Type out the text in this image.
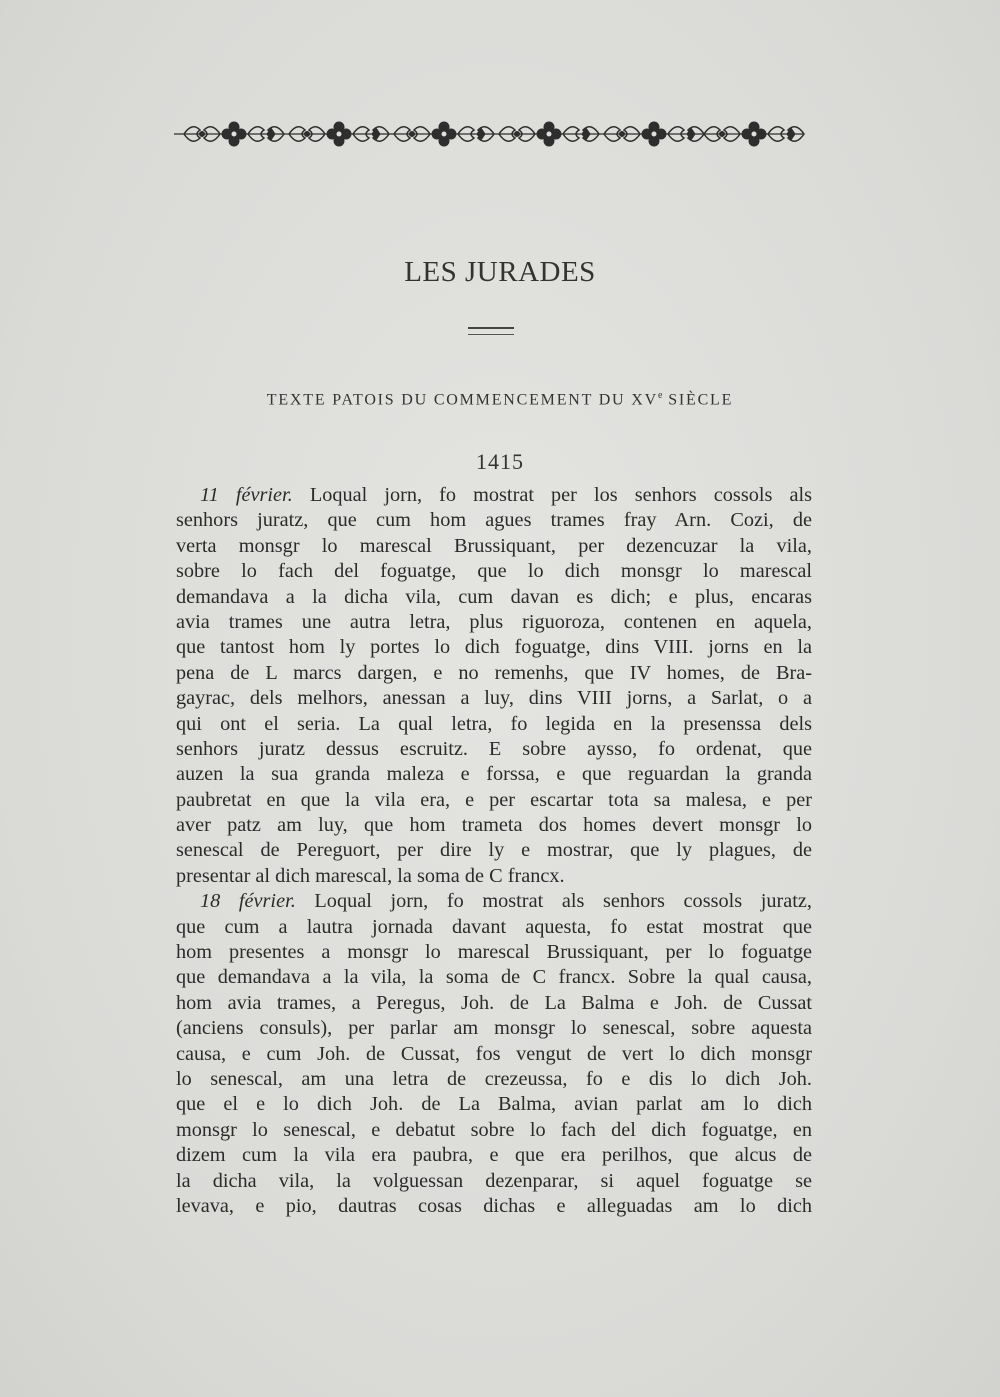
LES JURADES
TEXTE PATOIS DU COMMENCEMENT DU XVe SIÈCLE
1415
11 février. Loqual jorn, fo mostrat per los senhors cossols als
senhors juratz, que cum hom agues trames fray Arn. Cozi, de
verta monsgr lo marescal Brussiquant, per dezencuzar la vila,
sobre lo fach del foguatge, que lo dich monsgr lo marescal
demandava a la dicha vila, cum davan es dich; e plus, encaras
avia trames une autra letra, plus riguoroza, contenen en aquela,
que tantost hom ly portes lo dich foguatge, dins VIII. jorns en la
pena de L marcs dargen, e no remenhs, que IV homes, de Bra-
gayrac, dels melhors, anessan a luy, dins VIII jorns, a Sarlat, o a
qui ont el seria. La qual letra, fo legida en la presenssa dels
senhors juratz dessus escruitz. E sobre aysso, fo ordenat, que
auzen la sua granda maleza e forssa, e que reguardan la granda
paubretat en que la vila era, e per escartar tota sa malesa, e per
aver patz am luy, que hom trameta dos homes devert monsgr lo
senescal de Pereguort, per dire ly e mostrar, que ly plagues, de
presentar al dich marescal, la soma de C francx.
18 février. Loqual jorn, fo mostrat als senhors cossols juratz,
que cum a lautra jornada davant aquesta, fo estat mostrat que
hom presentes a monsgr lo marescal Brussiquant, per lo foguatge
que demandava a la vila, la soma de C francx. Sobre la qual causa,
hom avia trames, a Peregus, Joh. de La Balma e Joh. de Cussat
(anciens consuls), per parlar am monsgr lo senescal, sobre aquesta
causa, e cum Joh. de Cussat, fos vengut de vert lo dich monsgr
lo senescal, am una letra de crezeussa, fo e dis lo dich Joh.
que el e lo dich Joh. de La Balma, avian parlat am lo dich
monsgr lo senescal, e debatut sobre lo fach del dich foguatge, en
dizem cum la vila era paubra, e que era perilhos, que alcus de
la dicha vila, la volguessan dezenparar, si aquel foguatge se
levava, e pio, dautras cosas dichas e alleguadas am lo dich
